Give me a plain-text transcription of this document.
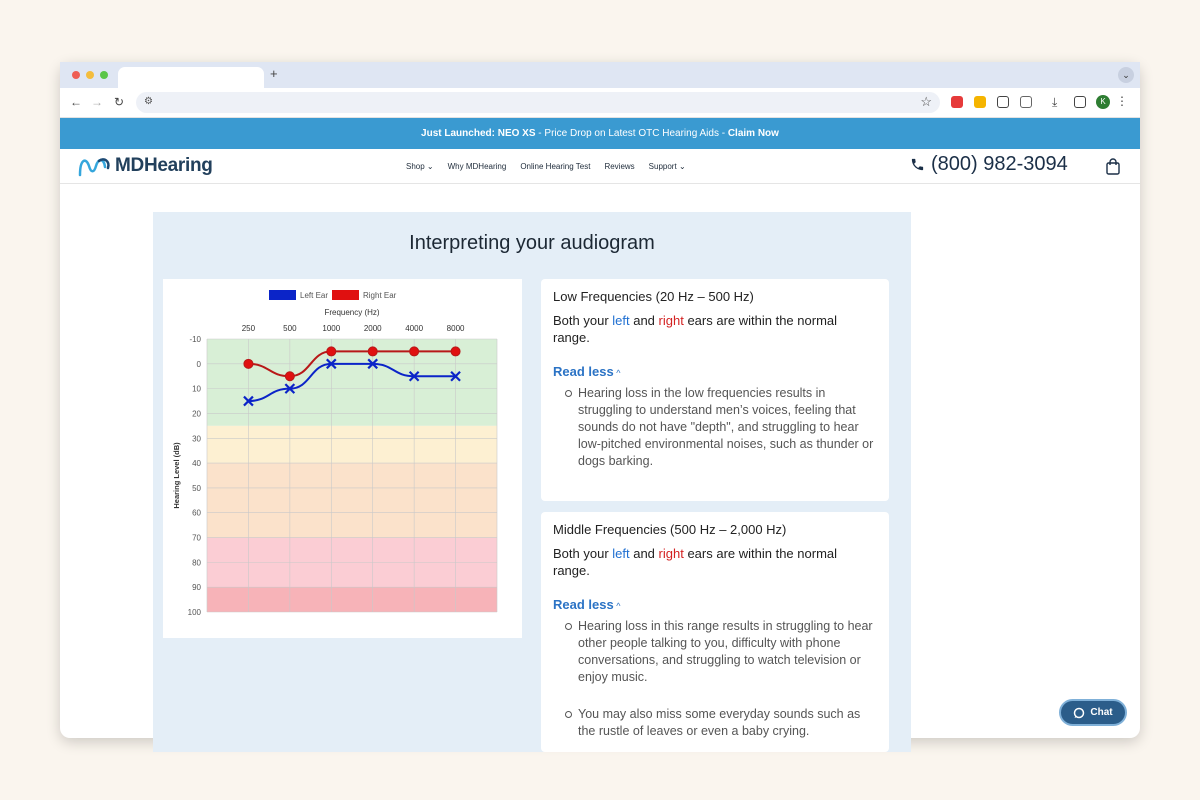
+	⌄
← → ↻ ⚙	☆	⤓	K ⋮
Just Launched: NEO XS - Price Drop on Latest OTC Hearing Aids - Claim Now
MDHearing	Shop ⌄ Why MDHearing Online Hearing Test Reviews Support ⌄	(800) 982-3094
Interpreting your audiogram
-10
0
10
20
30
40
50
60
70
80
90
100
250	500	1000	2000	4000	8000
Frequency (Hz)
Hearing Level (dB)
Left Ear	Right Ear	Low Frequencies (20 Hz – 500 Hz)
Both your left and right ears are within the normal range.
Read less ^
Hearing loss in the low frequencies results in struggling to understand men’s voices, feeling that sounds do not have "depth", and struggling to hear low-pitched environmental noises, such as thunder or dogs barking.
Middle Frequencies (500 Hz – 2,000 Hz)
Both your left and right ears are within the normal range.
Read less ^
Hearing loss in this range results in struggling to hear other people talking to you, difficulty with phone conversations, and struggling to watch television or enjoy music.
You may also miss some everyday sounds such as the rustle of leaves or even a baby crying.
Chat
